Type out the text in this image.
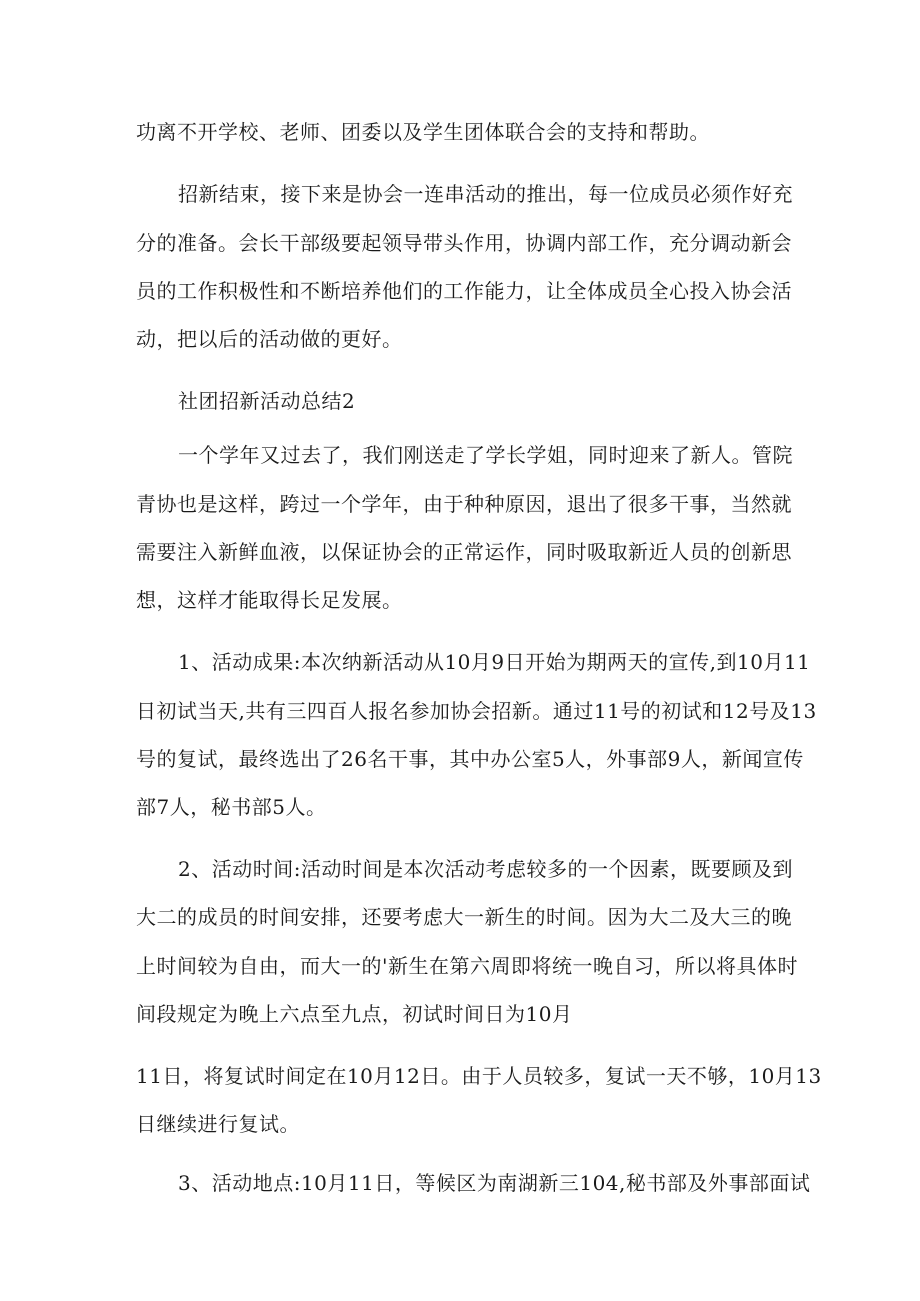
功离不开学校、老师、团委以及学生团体联合会的支持和帮助。
招新结束，接下来是协会一连串活动的推出，每一位成员必须作好充
分的准备。会长干部级要起领导带头作用，协调内部工作，充分调动新会
员的工作积极性和不断培养他们的工作能力，让全体成员全心投入协会活
动，把以后的活动做的更好。
社团招新活动总结2
一个学年又过去了，我们刚送走了学长学姐，同时迎来了新人。管院
青协也是这样，跨过一个学年，由于种种原因，退出了很多干事，当然就
需要注入新鲜血液，以保证协会的正常运作，同时吸取新近人员的创新思
想，这样才能取得长足发展。
1、活动成果:本次纳新活动从10月9日开始为期两天的宣传,到10月11
日初试当天,共有三四百人报名参加协会招新。通过11号的初试和12号及13
号的复试，最终选出了26名干事，其中办公室5人，外事部9人，新闻宣传
部7人，秘书部5人。
2、活动时间:活动时间是本次活动考虑较多的一个因素，既要顾及到
大二的成员的时间安排，还要考虑大一新生的时间。因为大二及大三的晚
上时间较为自由，而大一的'新生在第六周即将统一晚自习，所以将具体时
间段规定为晚上六点至九点，初试时间日为10月
11日，将复试时间定在10月12日。由于人员较多，复试一天不够，10月13
日继续进行复试。
3、活动地点:10月11日，等候区为南湖新三104,秘书部及外事部面试
